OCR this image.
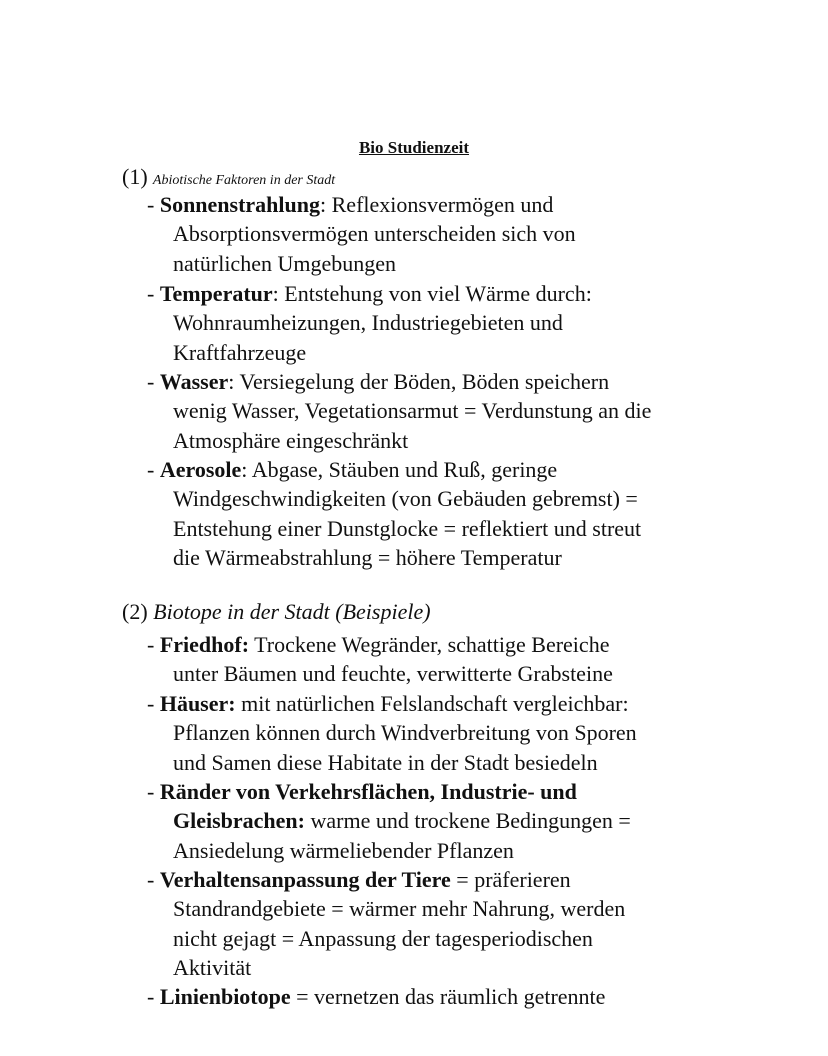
Bio Studienzeit
(1) Abiotische Faktoren in der Stadt
- Sonnenstrahlung: Reflexionsvermögen und
Absorptionsvermögen unterscheiden sich von
natürlichen Umgebungen
- Temperatur: Entstehung von viel Wärme durch:
Wohnraumheizungen, Industriegebieten und
Kraftfahrzeuge
- Wasser: Versiegelung der Böden, Böden speichern
wenig Wasser, Vegetationsarmut = Verdunstung an die
Atmosphäre eingeschränkt
- Aerosole: Abgase, Stäuben und Ruß, geringe
Windgeschwindigkeiten (von Gebäuden gebremst) =
Entstehung einer Dunstglocke = reflektiert und streut
die Wärmeabstrahlung = höhere Temperatur
(2) Biotope in der Stadt (Beispiele)
- Friedhof: Trockene Wegränder, schattige Bereiche
unter Bäumen und feuchte, verwitterte Grabsteine
- Häuser: mit natürlichen Felslandschaft vergleichbar:
Pflanzen können durch Windverbreitung von Sporen
und Samen diese Habitate in der Stadt besiedeln
- Ränder von Verkehrsflächen, Industrie- und
Gleisbrachen: warme und trockene Bedingungen =
Ansiedelung wärmeliebender Pflanzen
- Verhaltensanpassung der Tiere = präferieren
Standrandgebiete = wärmer mehr Nahrung, werden
nicht gejagt = Anpassung der tagesperiodischen
Aktivität
- Linienbiotope = vernetzen das räumlich getrennte
